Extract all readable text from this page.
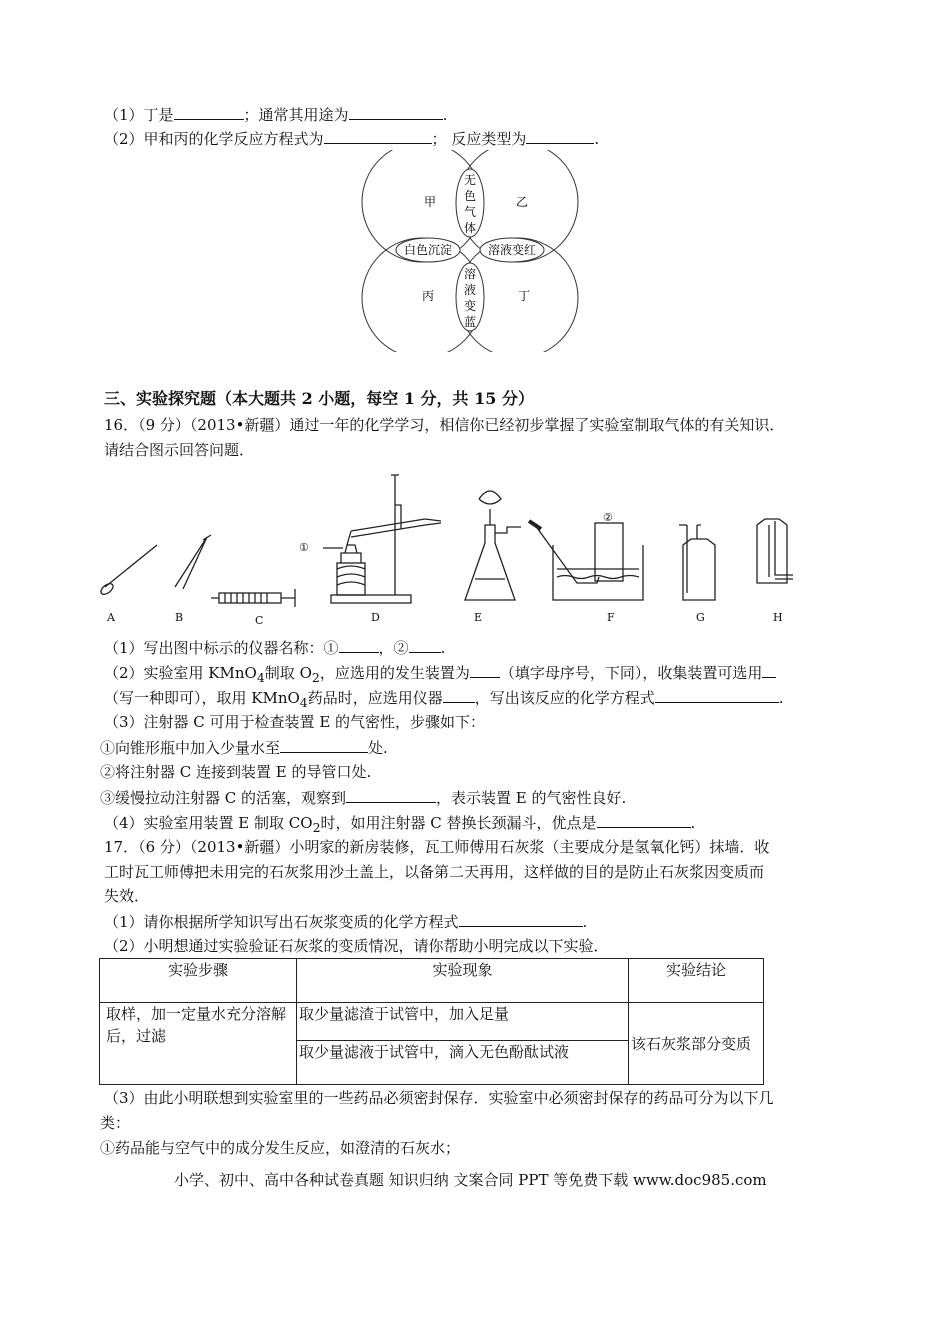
（1）丁是	；通常其用途为	.
（2）甲和丙的化学反应方程式为	； 反应类型为	.
甲	乙
丙	丁
无
色
气
体
白色沉淀	溶液变红
溶
液
变
蓝
三、实验探究题（本大题共 2 小题，每空 1 分，共 15 分）
16．（9 分）（2013•新疆）通过一年的化学学习，相信你已经初步掌握了实验室制取气体的有关知识．
请结合图示回答问题．
A	B	C	D	E	F	G	H
①
②
（1）写出图中标示的仪器名称：①	，② .
（2）实验室用 KMnO$_4$制取 $O_2$，应选用的发生装置为 （填字母序号，下同），收集装置可选用
（写一种即可），取用 KMnO$_4$药品时，应选用仪器 ，写出该反应的化学方程式	.
（3）注射器 C 可用于检查装置 E 的气密性，步骤如下：
①向锥形瓶中加入少量水至	处.
②将注射器 C 连接到装置 E 的导管口处.
③缓慢拉动注射器 C 的活塞，观察到	，表示装置 E 的气密性良好.
（4）实验室用装置 E 制取 $CO_2$时，如用注射器 C 替换长颈漏斗，优点是	.
17．（6 分）（2013•新疆）小明家的新房装修，瓦工师傅用石灰浆（主要成分是氢氧化钙）抹墙．收
工时瓦工师傅把未用完的石灰浆用沙土盖上，以备第二天再用，这样做的目的是防止石灰浆因变质而
失效．
（1）请你根据所学知识写出石灰浆变质的化学方程式	.
（2）小明想通过实验验证石灰浆的变质情况，请你帮助小明完成以下实验．
实验步骤	实验现象	实验结论
取样，加一定量水充分溶解后，过滤	取少量滤渣于试管中，加入足量	该石灰浆部分变质
	取少量滤液于试管中，滴入无色酚酞试液	
（3）由此小明联想到实验室里的一些药品必须密封保存．实验室中必须密封保存的药品可分为以下几
类：
①药品能与空气中的成分发生反应，如澄清的石灰水；
小学、初中、高中各种试卷真题 知识归纳 文案合同 PPT 等免费下载 www.doc985.com
